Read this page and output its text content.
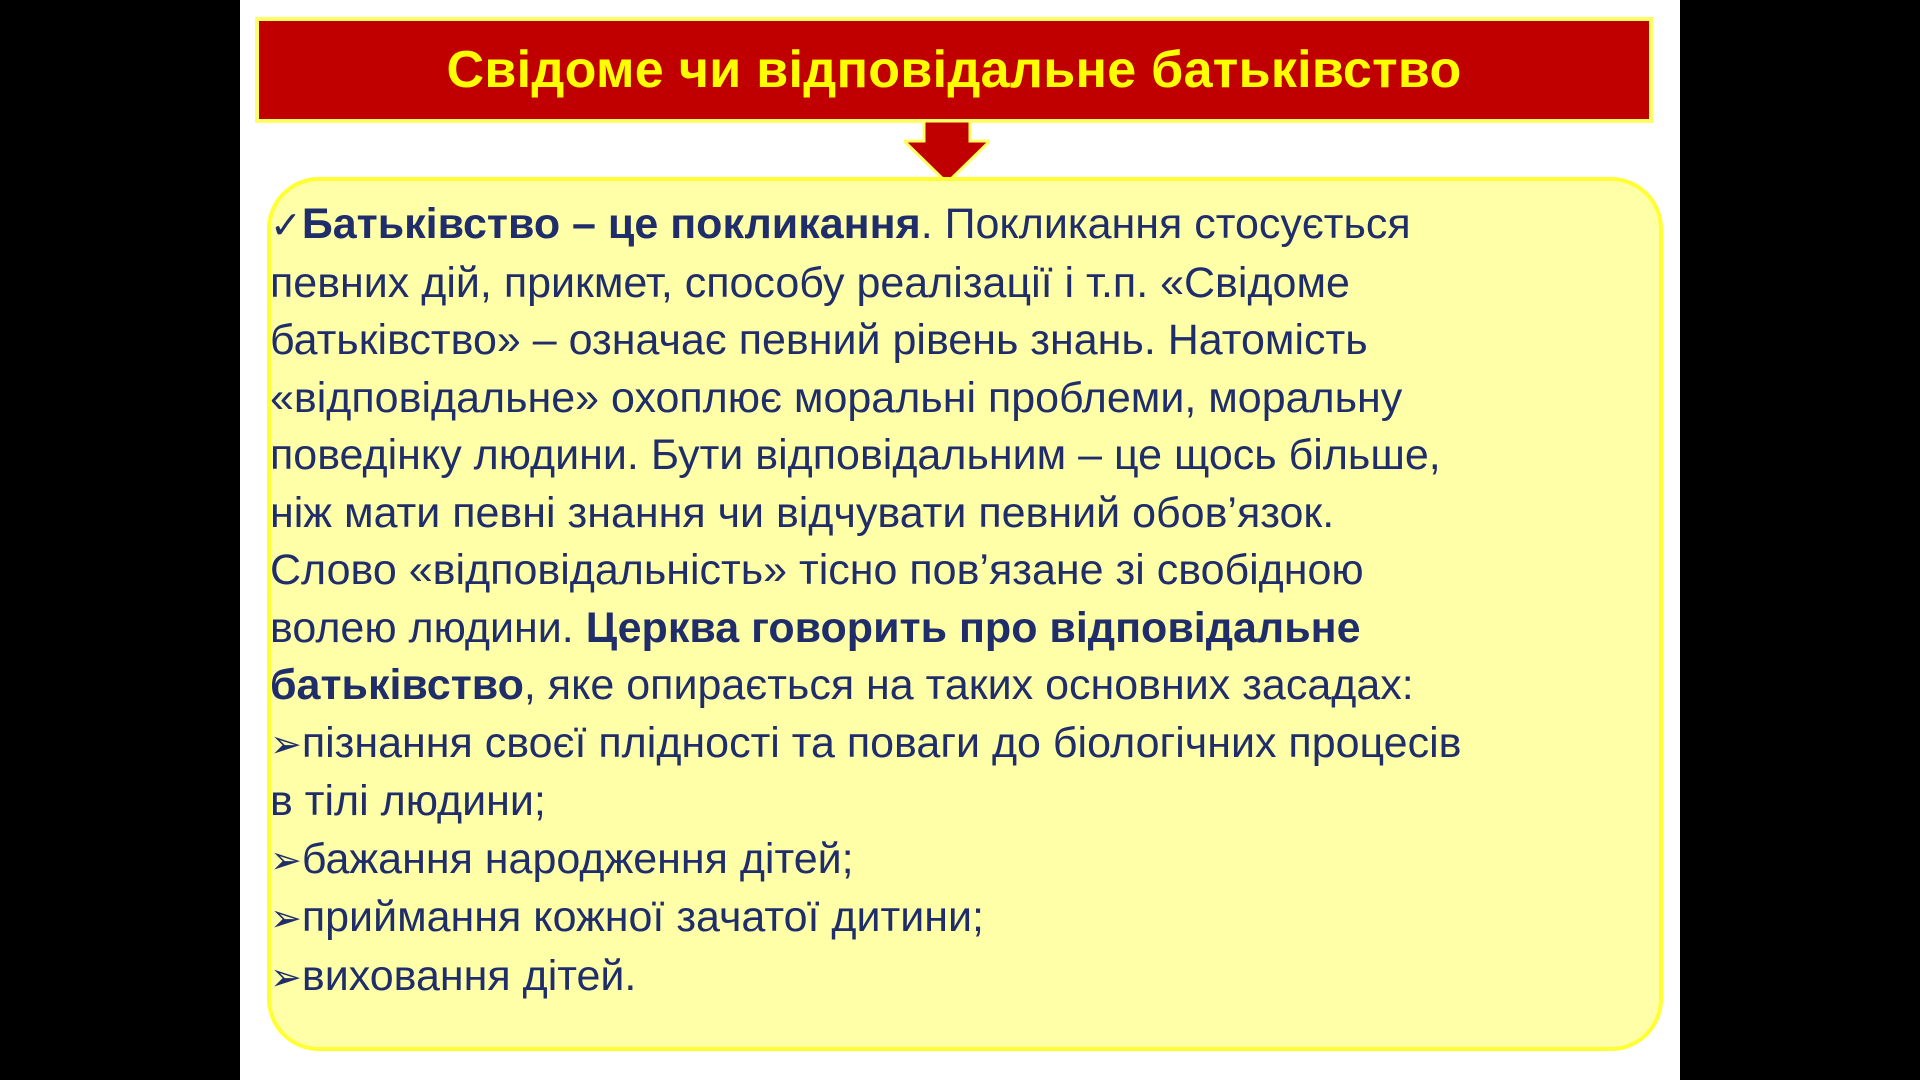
Свідоме чи відповідальне батьківство
✓Батьківство – це покликання. Покликання стосується
певних дій, прикмет, способу реалізації і т.п. «Свідоме
батьківство» – означає певний рівень знань. Натомість
«відповідальне» охоплює моральні проблеми, моральну
поведінку людини. Бути відповідальним – це щось більше,
ніж мати певні знання чи відчувати певний обов’язок.
Слово «відповідальність» тісно пов’язане зі свобідною
волею людини. Церква говорить про відповідальне
батьківство, яке опирається на таких основних засадах:
➢пізнання своєї плідності та поваги до біологічних процесів
в тілі людини;
➢бажання народження дітей;
➢приймання кожної зачатої дитини;
➢виховання дітей.
